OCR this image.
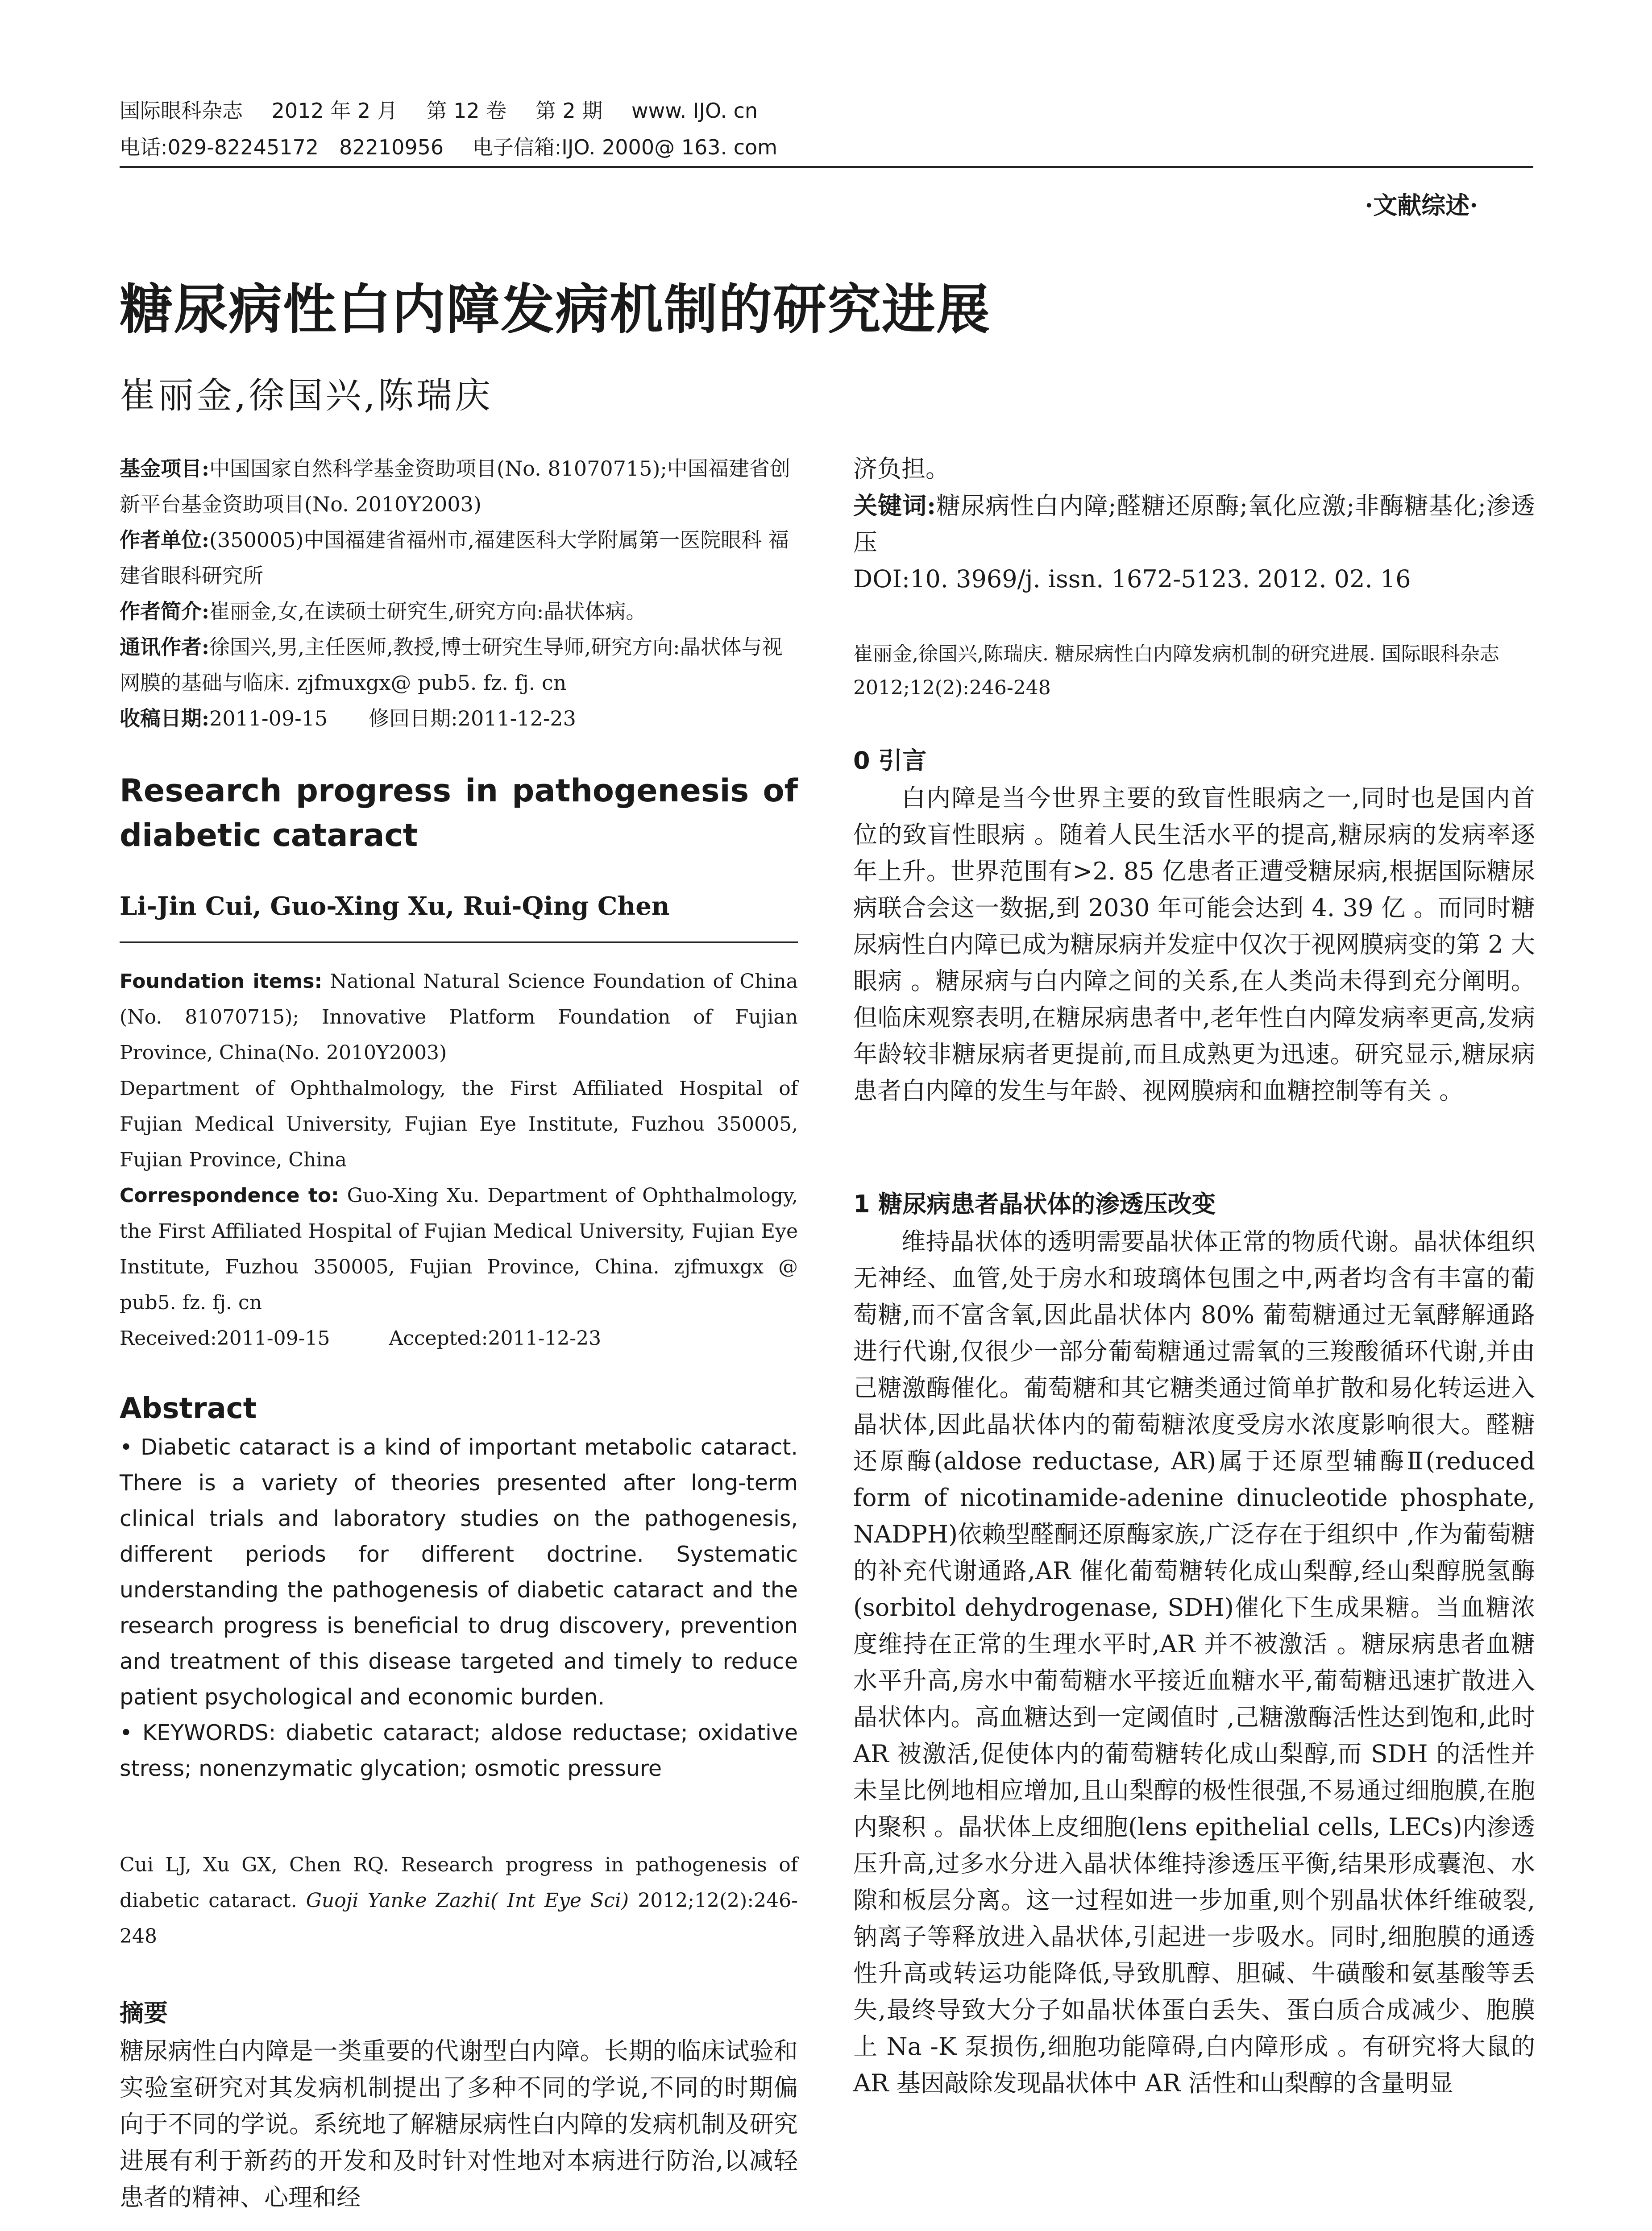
国际眼科杂志 2012 年 2 月 第 12 卷 第 2 期 www. IJO. cn
电话:029-82245172　82210956 电子信箱:IJO. 2000@ 163. com
·文献综述·
糖尿病性白内障发病机制的研究进展
崔丽金,徐国兴,陈瑞庆

基金项目:中国国家自然科学基金资助项目(No. 81070715);中国福建省创新平台基金资助项目(No. 2010Y2003)

作者单位:(350005)中国福建省福州市,福建医科大学附属第一医院眼科 福建省眼科研究所

作者简介:崔丽金,女,在读硕士研究生,研究方向:晶状体病。

通讯作者:徐国兴,男,主任医师,教授,博士研究生导师,研究方向:晶状体与视网膜的基础与临床. zjfmuxgx@ pub5. fz. fj. cn

收稿日期:2011-09-15　　修回日期:2011-12-23

Research progress in pathogenesis of diabetic cataract
Li-Jin Cui, Guo-Xing Xu, Rui-Qing Chen

Foundation items: National Natural Science Foundation of China (No. 81070715); Innovative Platform Foundation of Fujian Province, China(No. 2010Y2003)

Department of Ophthalmology, the First Affiliated Hospital of Fujian Medical University, Fujian Eye Institute, Fuzhou 350005, Fujian Province, China

Correspondence to: Guo-Xing Xu. Department of Ophthalmology, the First Affiliated Hospital of Fujian Medical University, Fujian Eye Institute, Fuzhou 350005, Fujian Province, China. zjfmuxgx @ pub5. fz. fj. cn

Received:2011-09-15　　　Accepted:2011-12-23

Abstract

• Diabetic cataract is a kind of important metabolic cataract. There is a variety of theories presented after long-term clinical trials and laboratory studies on the pathogenesis, different periods for different doctrine. Systematic understanding the pathogenesis of diabetic cataract and the research progress is beneficial to drug discovery, prevention and treatment of this disease targeted and timely to reduce patient psychological and economic burden.

• KEYWORDS: diabetic cataract; aldose reductase; oxidative stress; nonenzymatic glycation; osmotic pressure

Cui LJ, Xu GX, Chen RQ. Research progress in pathogenesis of diabetic cataract. Guoji Yanke Zazhi( Int Eye Sci) 2012;12(2):246-248
摘要

糖尿病性白内障是一类重要的代谢型白内障。长期的临床试验和实验室研究对其发病机制提出了多种不同的学说,不同的时期偏向于不同的学说。系统地了解糖尿病性白内障的发病机制及研究进展有利于新药的开发和及时针对性地对本病进行防治,以减轻患者的精神、心理和经

济负担。

关键词:糖尿病性白内障;醛糖还原酶;氧化应激;非酶糖基化;渗透压

DOI:10. 3969/j. issn. 1672-5123. 2012. 02. 16

崔丽金,徐国兴,陈瑞庆. 糖尿病性白内障发病机制的研究进展. 国际眼科杂志 2012;12(2):246-248
0 引言

白内障是当今世界主要的致盲性眼病之一,同时也是国内首位的致盲性眼病 。随着人民生活水平的提高,糖尿病的发病率逐年上升。世界范围有>2. 85 亿患者正遭受糖尿病,根据国际糖尿病联合会这一数据,到 2030 年可能会达到 4. 39 亿 。而同时糖尿病性白内障已成为糖尿病并发症中仅次于视网膜病变的第 2 大眼病 。糖尿病与白内障之间的关系,在人类尚未得到充分阐明。但临床观察表明,在糖尿病患者中,老年性白内障发病率更高,发病年龄较非糖尿病者更提前,而且成熟更为迅速。研究显示,糖尿病患者白内障的发生与年龄、视网膜病和血糖控制等有关 。

1 糖尿病患者晶状体的渗透压改变

维持晶状体的透明需要晶状体正常的物质代谢。晶状体组织无神经、血管,处于房水和玻璃体包围之中,两者均含有丰富的葡萄糖,而不富含氧,因此晶状体内 80% 葡萄糖通过无氧酵解通路进行代谢,仅很少一部分葡萄糖通过需氧的三羧酸循环代谢,并由己糖激酶催化。葡萄糖和其它糖类通过简单扩散和易化转运进入晶状体,因此晶状体内的葡萄糖浓度受房水浓度影响很大。醛糖还原酶(aldose reductase, AR)属于还原型辅酶Ⅱ(reduced form of nicotinamide-adenine dinucleotide phosphate, NADPH)依赖型醛酮还原酶家族,广泛存在于组织中 ,作为葡萄糖的补充代谢通路,AR 催化葡萄糖转化成山梨醇,经山梨醇脱氢酶(sorbitol dehydrogenase, SDH)催化下生成果糖。当血糖浓度维持在正常的生理水平时,AR 并不被激活 。糖尿病患者血糖水平升高,房水中葡萄糖水平接近血糖水平,葡萄糖迅速扩散进入晶状体内。高血糖达到一定阈值时 ,己糖激酶活性达到饱和,此时 AR 被激活,促使体内的葡萄糖转化成山梨醇,而 SDH 的活性并未呈比例地相应增加,且山梨醇的极性很强,不易通过细胞膜,在胞内聚积 。晶状体上皮细胞(lens epithelial cells, LECs)内渗透压升高,过多水分进入晶状体维持渗透压平衡,结果形成囊泡、水隙和板层分离。这一过程如进一步加重,则个别晶状体纤维破裂,钠离子等释放进入晶状体,引起进一步吸水。同时,细胞膜的通透性升高或转运功能降低,导致肌醇、胆碱、牛磺酸和氨基酸等丢失,最终导致大分子如晶状体蛋白丢失、蛋白质合成减少、胞膜上 Na -K 泵损伤,细胞功能障碍,白内障形成 。有研究将大鼠的AR 基因敲除发现晶状体中 AR 活性和山梨醇的含量明显
